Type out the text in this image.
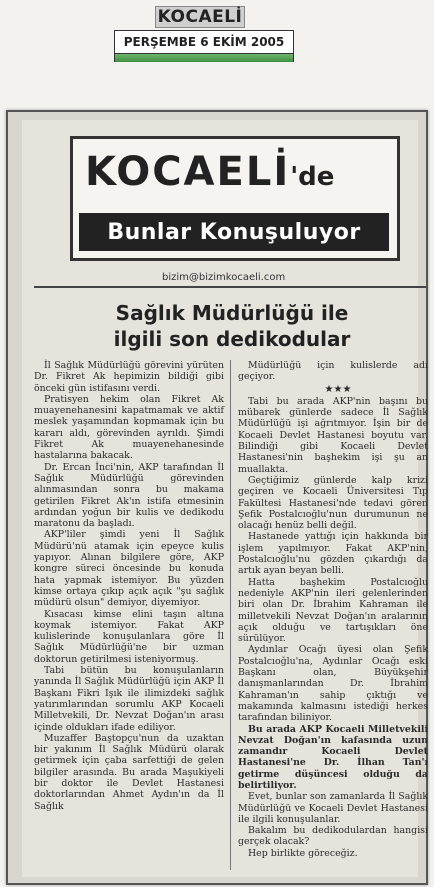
KOCAELİ
PERŞEMBE 6 EKİM 2005
KOCAELİ'de
Bunlar Konuşuluyor
bizim@bizimkocaeli.com
Sağlık Müdürlüğü ile
ilgili son dedikodular

İl Sağlık Müdürlüğü görevini yürüten Dr. Fikret Ak hepimizin bildiği gibi önceki gün istifasını verdi.

Pratisyen hekim olan Fikret Ak muayenehanesini kapatmamak ve aktif meslek yaşamından kopmamak için bu kararı aldı, görevinden ayrıldı. Şimdi Fikret Ak muayenehanesinde hastalarına bakacak.

Dr. Ercan İnci'nin, AKP tarafından İl Sağlık Müdürlüğü görevinden alınmasından sonra bu makama getirilen Fikret Ak'ın istifa etmesinin ardından yoğun bir kulis ve dedikodu maratonu da başladı.

AKP'liler şimdi yeni İl Sağlık Müdürü'nü atamak için epeyce kulis yapıyor. Alınan bilgilere göre, AKP kongre süreci öncesinde bu konuda hata yapmak istemiyor. Bu yüzden kimse ortaya çıkıp açık açık "şu sağlık müdürü olsun" demiyor, diyemiyor.

Kısacası kimse elini taşın altına koymak istemiyor. Fakat AKP kulislerinde konuşulanlara göre İl Sağlık Müdürlüğü'ne bir uzman doktorun getirilmesi isteniyormuş.

Tabi bütün bu konuşulanların yanında İl Sağlık Müdürlüğü için AKP İl Başkanı Fikri Işık ile ilimizdeki sağlık yatırımlarından sorumlu AKP Kocaeli Milletvekili, Dr. Nevzat Doğan'ın arası içinde oldukları ifade ediliyor.

Muzaffer Baştopçu'nun da uzaktan bir yakınım İl Sağlık Müdürü olarak getirmek için çaba sarfettiği de gelen bilgiler arasında. Bu arada Maşukiyeli bir doktor ile Devlet Hastanesi doktorlarından Ahmet Aydın'ın da İl Sağlık

Müdürlüğü için kulislerde adı geçiyor.

★★★

Tabi bu arada AKP'nin başını bu mübarek günlerde sadece İl Sağlık Müdürlüğü işi ağrıtmıyor. İşin bir de Kocaeli Devlet Hastanesi boyutu var. Bilindiği gibi Kocaeli Devlet Hastanesi'nin başhekim işi şu an muallakta.

Geçtiğimiz günlerde kalp krizi geçiren ve Kocaeli Üniversitesi Tıp Fakültesi Hastanesi'nde tedavi gören Şefik Postalcıoğlu'nun durumunun ne olacağı henüz belli değil.

Hastanede yattığı için hakkında bir işlem yapılmıyor. Fakat AKP'nin, Postalcıoğlu'nu gözden çıkardığı da artık ayan beyan belli.

Hatta başhekim Postalcıoğlu nedeniyle AKP'nin ileri gelenlerinden biri olan Dr. İbrahim Kahraman ile milletvekili Nevzat Doğan'ın aralarının açık olduğu ve tartışıkları öne sürülüyor.

Aydınlar Ocağı üyesi olan Şefik Postalcıoğlu'na, Aydınlar Ocağı eski Başkanı olan, Büyükşehir danışmanlarından Dr. İbrahim Kahraman'ın sahip çıktığı ve makamında kalmasını istediği herkes tarafından biliniyor.

Bu arada AKP Kocaeli Milletvekili Nevzat Doğan'ın kafasında uzun zamandır Kocaeli Devlet Hastanesi'ne Dr. İlhan Tan'ı getirme düşüncesi olduğu da belirtiliyor.

Evet, bunlar son zamanlarda İl Sağlık Müdürlüğü ve Kocaeli Devlet Hastanesi ile ilgili konuşulanlar.

Bakalım bu dedikodulardan hangisi gerçek olacak?

Hep birlikte göreceğiz.
